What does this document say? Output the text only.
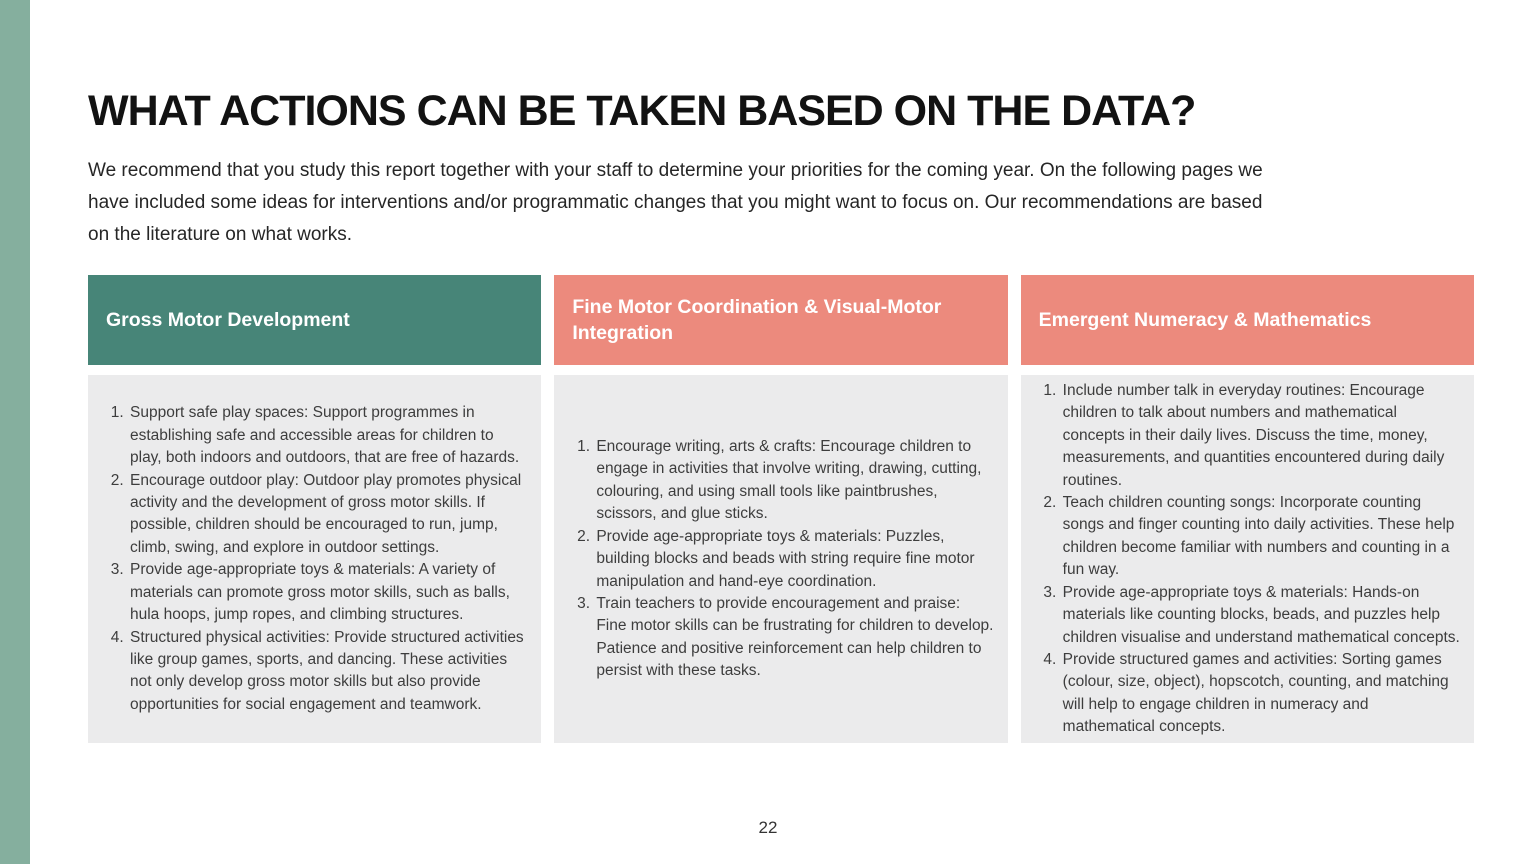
WHAT ACTIONS CAN BE TAKEN BASED ON THE DATA?

We recommend that you study this report together with your staff to determine your priorities for the coming year. On the following pages we have included some ideas for interventions and/or programmatic changes that you might want to focus on. Our recommendations are based on the literature on what works.

Gross Motor Development
1. Support safe play spaces: Support programmes in establishing safe and accessible areas for children to play, both indoors and outdoors, that are free of hazards.
2. Encourage outdoor play: Outdoor play promotes physical activity and the development of gross motor skills. If possible, children should be encouraged to run, jump, climb, swing, and explore in outdoor settings.
3. Provide age-appropriate toys & materials: A variety of materials can promote gross motor skills, such as balls, hula hoops, jump ropes, and climbing structures.
4. Structured physical activities: Provide structured activities like group games, sports, and dancing. These activities not only develop gross motor skills but also provide opportunities for social engagement and teamwork.
Fine Motor Coordination & Visual-Motor Integration
1. Encourage writing, arts & crafts: Encourage children to engage in activities that involve writing, drawing, cutting, colouring, and using small tools like paintbrushes, scissors, and glue sticks.
2. Provide age-appropriate toys & materials: Puzzles, building blocks and beads with string require fine motor manipulation and hand-eye coordination.
3. Train teachers to provide encouragement and praise: Fine motor skills can be frustrating for children to develop. Patience and positive reinforcement can help children to persist with these tasks.
Emergent Numeracy & Mathematics
1. Include number talk in everyday routines: Encourage children to talk about numbers and mathematical concepts in their daily lives. Discuss the time, money, measurements, and quantities encountered during daily routines.
2. Teach children counting songs: Incorporate counting songs and finger counting into daily activities. These help children become familiar with numbers and counting in a fun way.
3. Provide age-appropriate toys & materials: Hands-on materials like counting blocks, beads, and puzzles help children visualise and understand mathematical concepts.
4. Provide structured games and activities: Sorting games (colour, size, object), hopscotch, counting, and matching will help to engage children in numeracy and mathematical concepts.
22
